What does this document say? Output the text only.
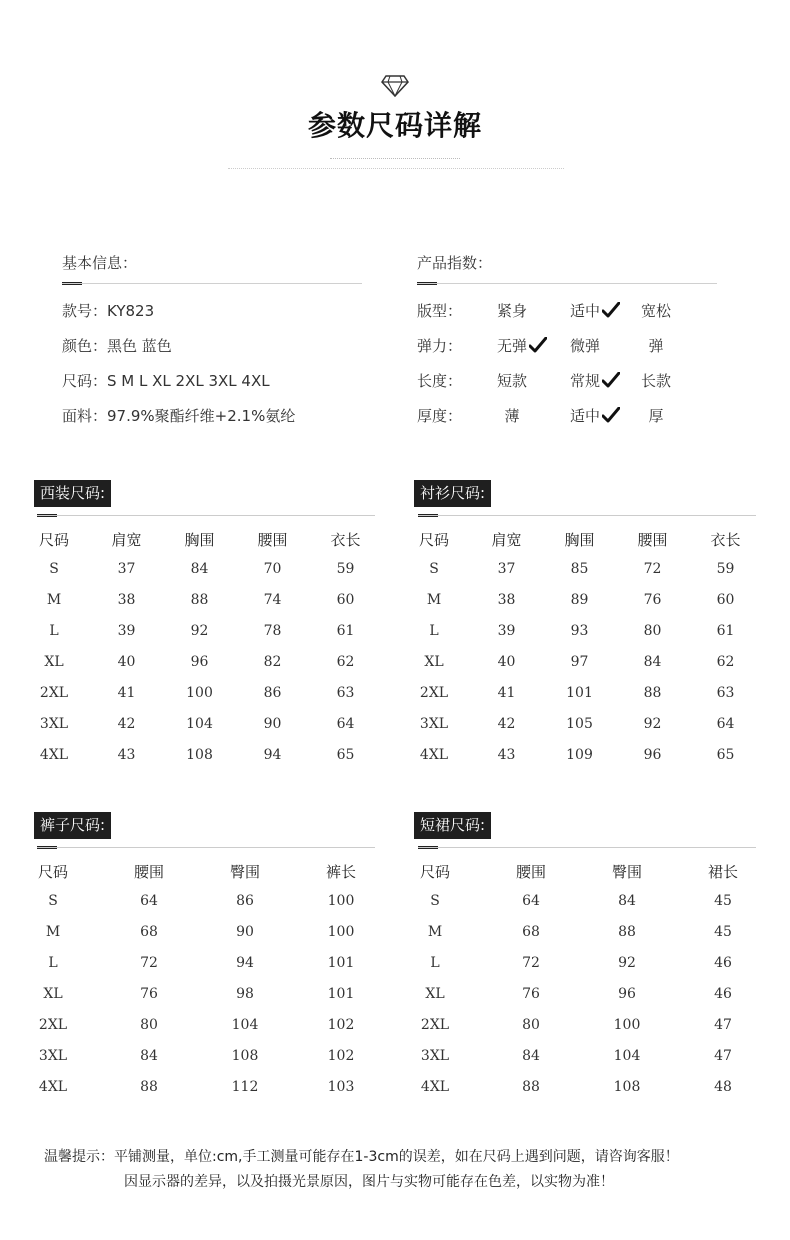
参数尺码详解
基本信息：
款号：KY823
颜色：黑色 蓝色
尺码：S M L XL 2XL 3XL 4XL
面料：97.9%聚酯纤维+2.1%氨纶
产品指数：
版型： 紧身	适中	宽松
弹力： 无弹	微弹	弹
长度： 短款	常规	长款
厚度：	薄	适中	厚
西装尺码:	衬衫尺码:
裤子尺码:	短裙尺码:
尺码	肩宽	胸围	腰围	衣长
S	37	84	70	59
M	38	88	74	60
L	39	92	78	61
XL	40	96	82	62
2XL	41	100	86	63
3XL	42	104	90	64
4XL	43	108	94	65
尺码	肩宽	胸围	腰围	衣长
S	37	85	72	59
M	38	89	76	60
L	39	93	80	61
XL	40	97	84	62
2XL	41	101	88	63
3XL	42	105	92	64
4XL	43	109	96	65
尺码	腰围	臀围	裤长
S	64	86	100
M	68	90	100
L	72	94	101
XL	76	98	101
2XL	80	104	102
3XL	84	108	102
4XL	88	112	103
尺码	腰围	臀围	裙长
S	64	84	45
M	68	88	45
L	72	92	46
XL	76	96	46
2XL	80	100	47
3XL	84	104	47
4XL	88	108	48
温馨提示：平铺测量，单位:cm,手工测量可能存在1-3cm的误差，如在尺码上遇到问题，请咨询客服！
因显示器的差异，以及拍摄光景原因，图片与实物可能存在色差，以实物为准！
